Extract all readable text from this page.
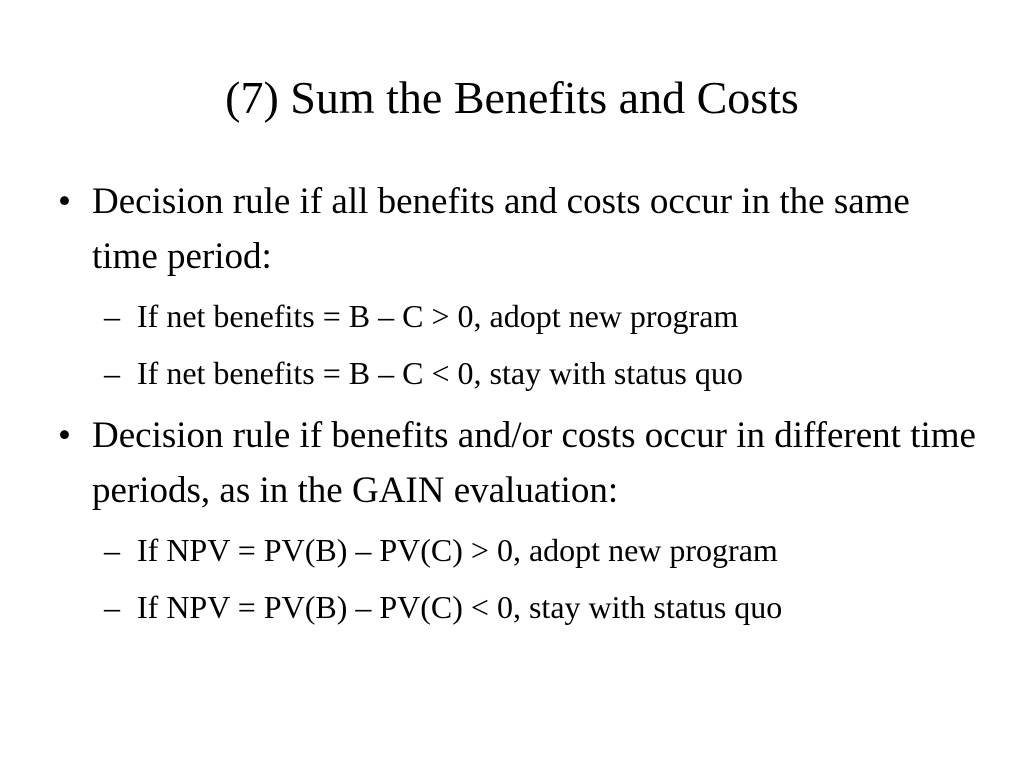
(7) Sum the Benefits and Costs
• Decision rule if all benefits and costs occur in the same time period:
– If net benefits = B – C > 0, adopt new program
– If net benefits = B – C < 0, stay with status quo
• Decision rule if benefits and/or costs occur in different time periods, as in the GAIN evaluation:
– If NPV = PV(B) – PV(C) > 0, adopt new program
– If NPV = PV(B) – PV(C) < 0, stay with status quo
